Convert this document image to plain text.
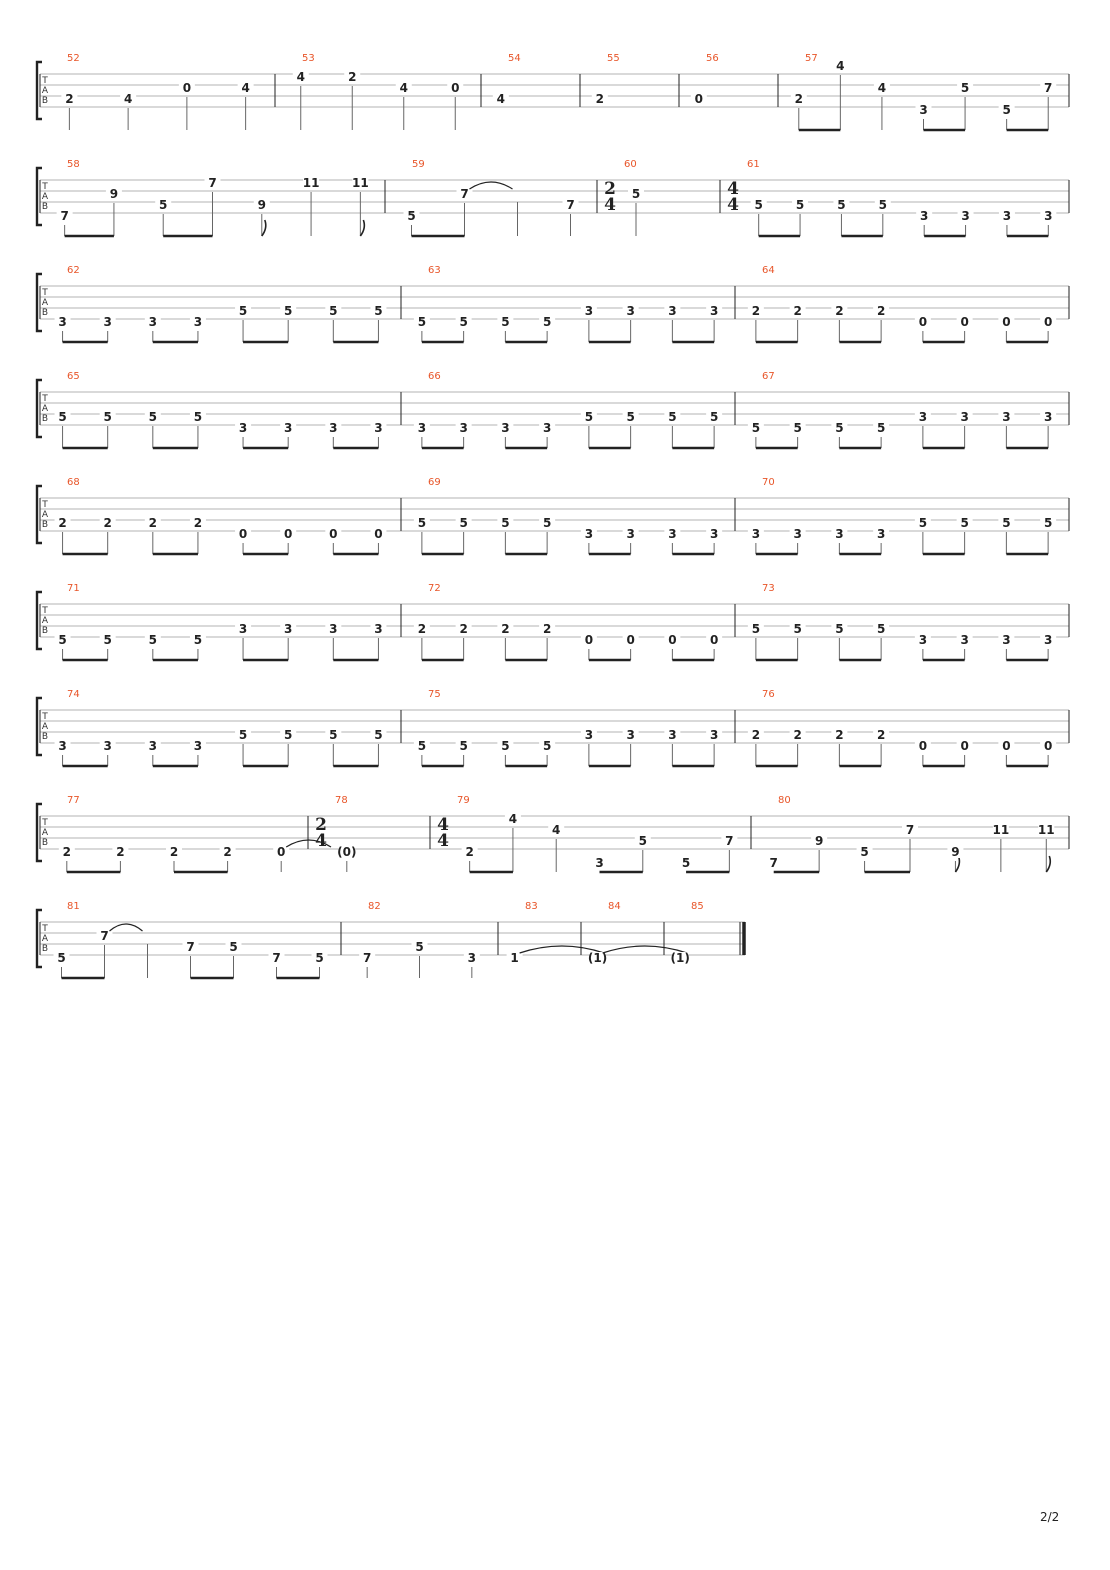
T
A
B
52
2	4
0	4
53
4	2
4	0
54
4
55
2
56
0
57
2
4
4
3
5
5
7
T
A
B
58
7
9
5
7
9
11	11
59
5
7
7
60
2
4
5
61
4
4 5	5	5	5
3	3	3	3
T
A
B
62
3	3	3	3
5	5	5	5
63
5	5	5	5
3	3	3	3
64
2	2	2	2
0	0	0	0
T
A
B
65
5	5	5	5
3	3	3	3
66
3	3	3	3
5	5	5	5
67
5	5	5	5
3	3	3	3
T
A
B
68
2	2	2	2
0	0	0	0
69
5	5	5	5
3	3	3	3
70
3	3	3	3
5	5	5	5
T
A
B
71
5	5	5	5
3	3	3	3
72
2	2	2	2
0	0	0	0
73
5	5	5	5
3	3	3	3
T
A
B
74
3	3	3	3
5	5	5	5
75
5	5	5	5
3	3	3	3
76
2	2	2	2
0	0	0	0
T
A
B
77
2	2	2	2	0
78
2
4
(0)
79
4
4
2
4
4
3
5
5
7
80
7
9
5
7
9
11 11
T
A
B
81
5
7
7	5
7	5
82
7
5
3
83
1
84
(1)
85
(1)
2/2
